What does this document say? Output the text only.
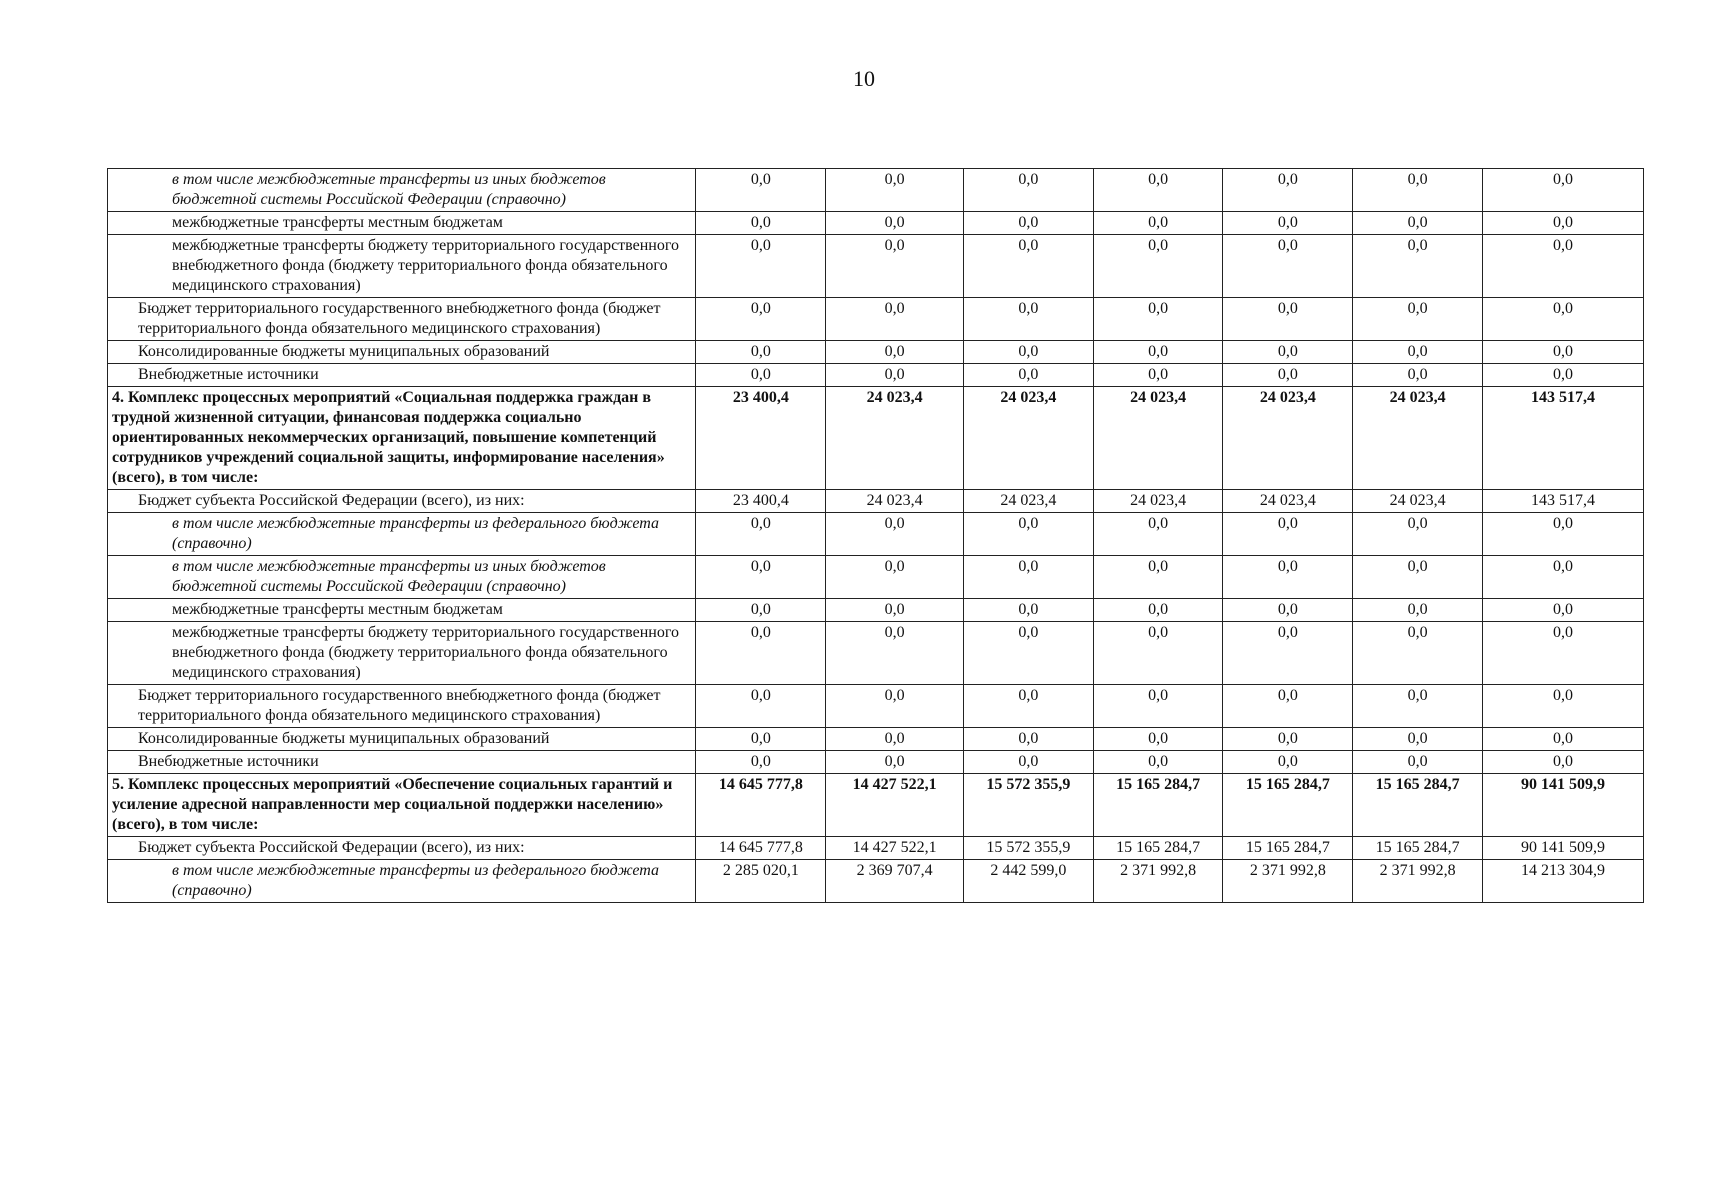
10
в том числе межбюджетные трансферты из иных бюджетов бюджетной системы Российской Федерации (справочно)	0,0	0,0	0,0	0,0	0,0	0,0	0,0
межбюджетные трансферты местным бюджетам	0,0	0,0	0,0	0,0	0,0	0,0	0,0
межбюджетные трансферты бюджету территориального государственного внебюджетного фонда (бюджету территориального фонда обязательного медицинского страхования)	0,0	0,0	0,0	0,0	0,0	0,0	0,0
Бюджет территориального государственного внебюджетного фонда (бюджет территориального фонда обязательного медицинского страхования)	0,0	0,0	0,0	0,0	0,0	0,0	0,0
Консолидированные бюджеты муниципальных образований	0,0	0,0	0,0	0,0	0,0	0,0	0,0
Внебюджетные источники	0,0	0,0	0,0	0,0	0,0	0,0	0,0
4. Комплекс процессных мероприятий «Социальная поддержка граждан в трудной жизненной ситуации, финансовая поддержка социально ориентированных некоммерческих организаций, повышение компетенций сотрудников учреждений социальной защиты, информирование населения» (всего), в том числе:	23 400,4	24 023,4	24 023,4	24 023,4	24 023,4	24 023,4	143 517,4
Бюджет субъекта Российской Федерации (всего), из них:	23 400,4	24 023,4	24 023,4	24 023,4	24 023,4	24 023,4	143 517,4
в том числе межбюджетные трансферты из федерального бюджета (справочно)	0,0	0,0	0,0	0,0	0,0	0,0	0,0
в том числе межбюджетные трансферты из иных бюджетов бюджетной системы Российской Федерации (справочно)	0,0	0,0	0,0	0,0	0,0	0,0	0,0
межбюджетные трансферты местным бюджетам	0,0	0,0	0,0	0,0	0,0	0,0	0,0
межбюджетные трансферты бюджету территориального государственного внебюджетного фонда (бюджету территориального фонда обязательного медицинского страхования)	0,0	0,0	0,0	0,0	0,0	0,0	0,0
Бюджет территориального государственного внебюджетного фонда (бюджет территориального фонда обязательного медицинского страхования)	0,0	0,0	0,0	0,0	0,0	0,0	0,0
Консолидированные бюджеты муниципальных образований	0,0	0,0	0,0	0,0	0,0	0,0	0,0
Внебюджетные источники	0,0	0,0	0,0	0,0	0,0	0,0	0,0
5. Комплекс процессных мероприятий «Обеспечение социальных гарантий и усиление адресной направленности мер социальной поддержки населению» (всего), в том числе:	14 645 777,8	14 427 522,1	15 572 355,9	15 165 284,7	15 165 284,7	15 165 284,7	90 141 509,9
Бюджет субъекта Российской Федерации (всего), из них:	14 645 777,8	14 427 522,1	15 572 355,9	15 165 284,7	15 165 284,7	15 165 284,7	90 141 509,9
в том числе межбюджетные трансферты из федерального бюджета (справочно)	2 285 020,1	2 369 707,4	2 442 599,0	2 371 992,8	2 371 992,8	2 371 992,8	14 213 304,9
